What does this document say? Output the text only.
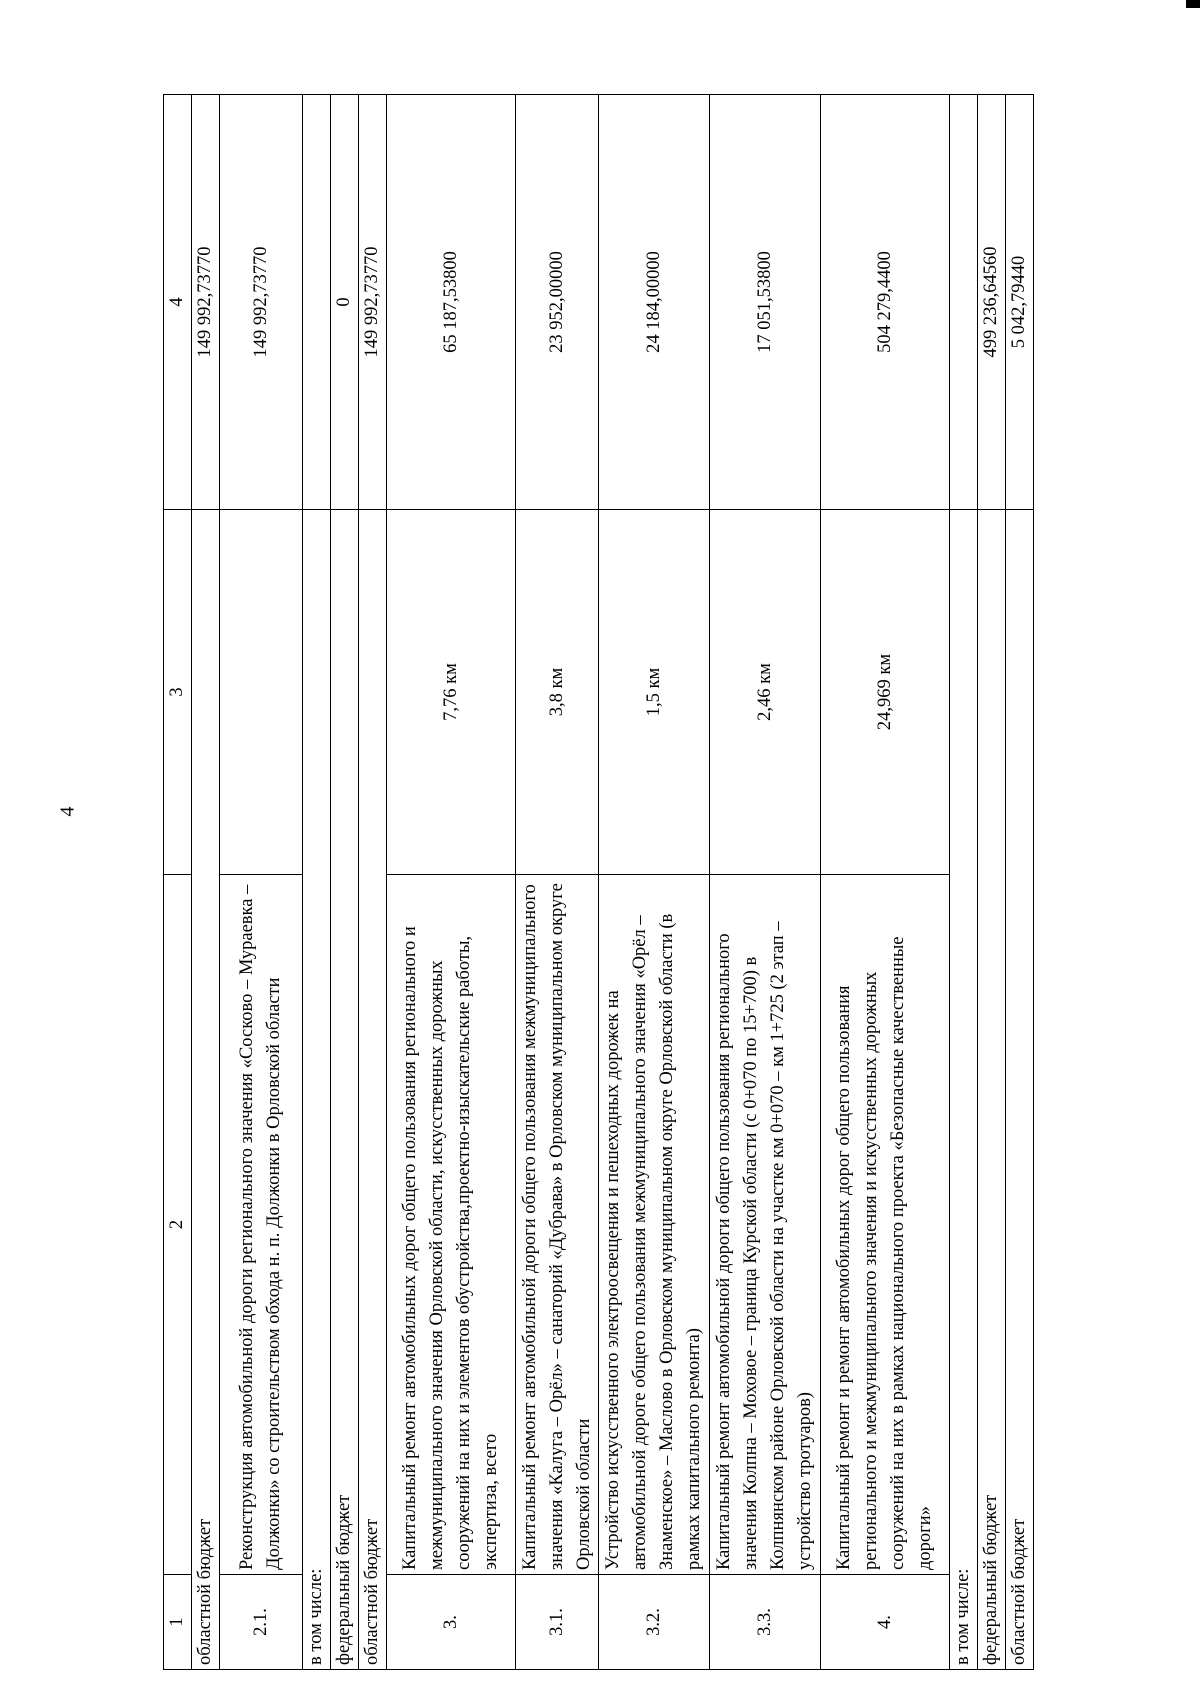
4
1	2	3	4
областной бюджет			149 992,73770
2.1.	Реконструкция автомобильной дороги регионального значения «Сосково – Мураевка – Должонки» со строительством обхода н. п. Должонки в Орловской области		149 992,73770
в том числе:			
федеральный бюджет			0
областной бюджет			149 992,73770
3.	Капитальный ремонт автомобильных дорог общего пользования регионального и межмуниципального значения Орловской области, искусственных дорожных сооружений на них и элементов обустройства,проектно-изыскательские работы, экспертиза, всего	7,76 км	65 187,53800
3.1.	Капитальный ремонт автомобильной дороги общего пользования межмуниципального значения «Калуга – Орёл» – санаторий «Дубрава» в Орловском муниципальном округе Орловской области	3,8 км	23 952,00000
3.2.	Устройство искусственного электроосвещения и пешеходных дорожек на автомобильной дороге общего пользования межмуниципального значения «Орёл – Знаменское» – Маслово в Орловском муниципальном округе Орловской области (в рамках капитального ремонта)	1,5 км	24 184,00000
3.3.	Капитальный ремонт автомобильной дороги общего пользования регионального значения Колпна – Моховое – граница Курской области (с 0+070 по 15+700) в Колпнянском районе Орловской области на участке км 0+070 – км 1+725 (2 этап – устройство тротуаров)	2,46 км	17 051,53800
4.	Капитальный ремонт и ремонт автомобильных дорог общего пользования регионального и межмуниципального значения и искусственных дорожных сооружений на них в рамках национального проекта «Безопасные качественные дороги»	24,969 км	504 279,4400
в том числе:			
федеральный бюджет			499 236,64560
областной бюджет			5 042,79440
